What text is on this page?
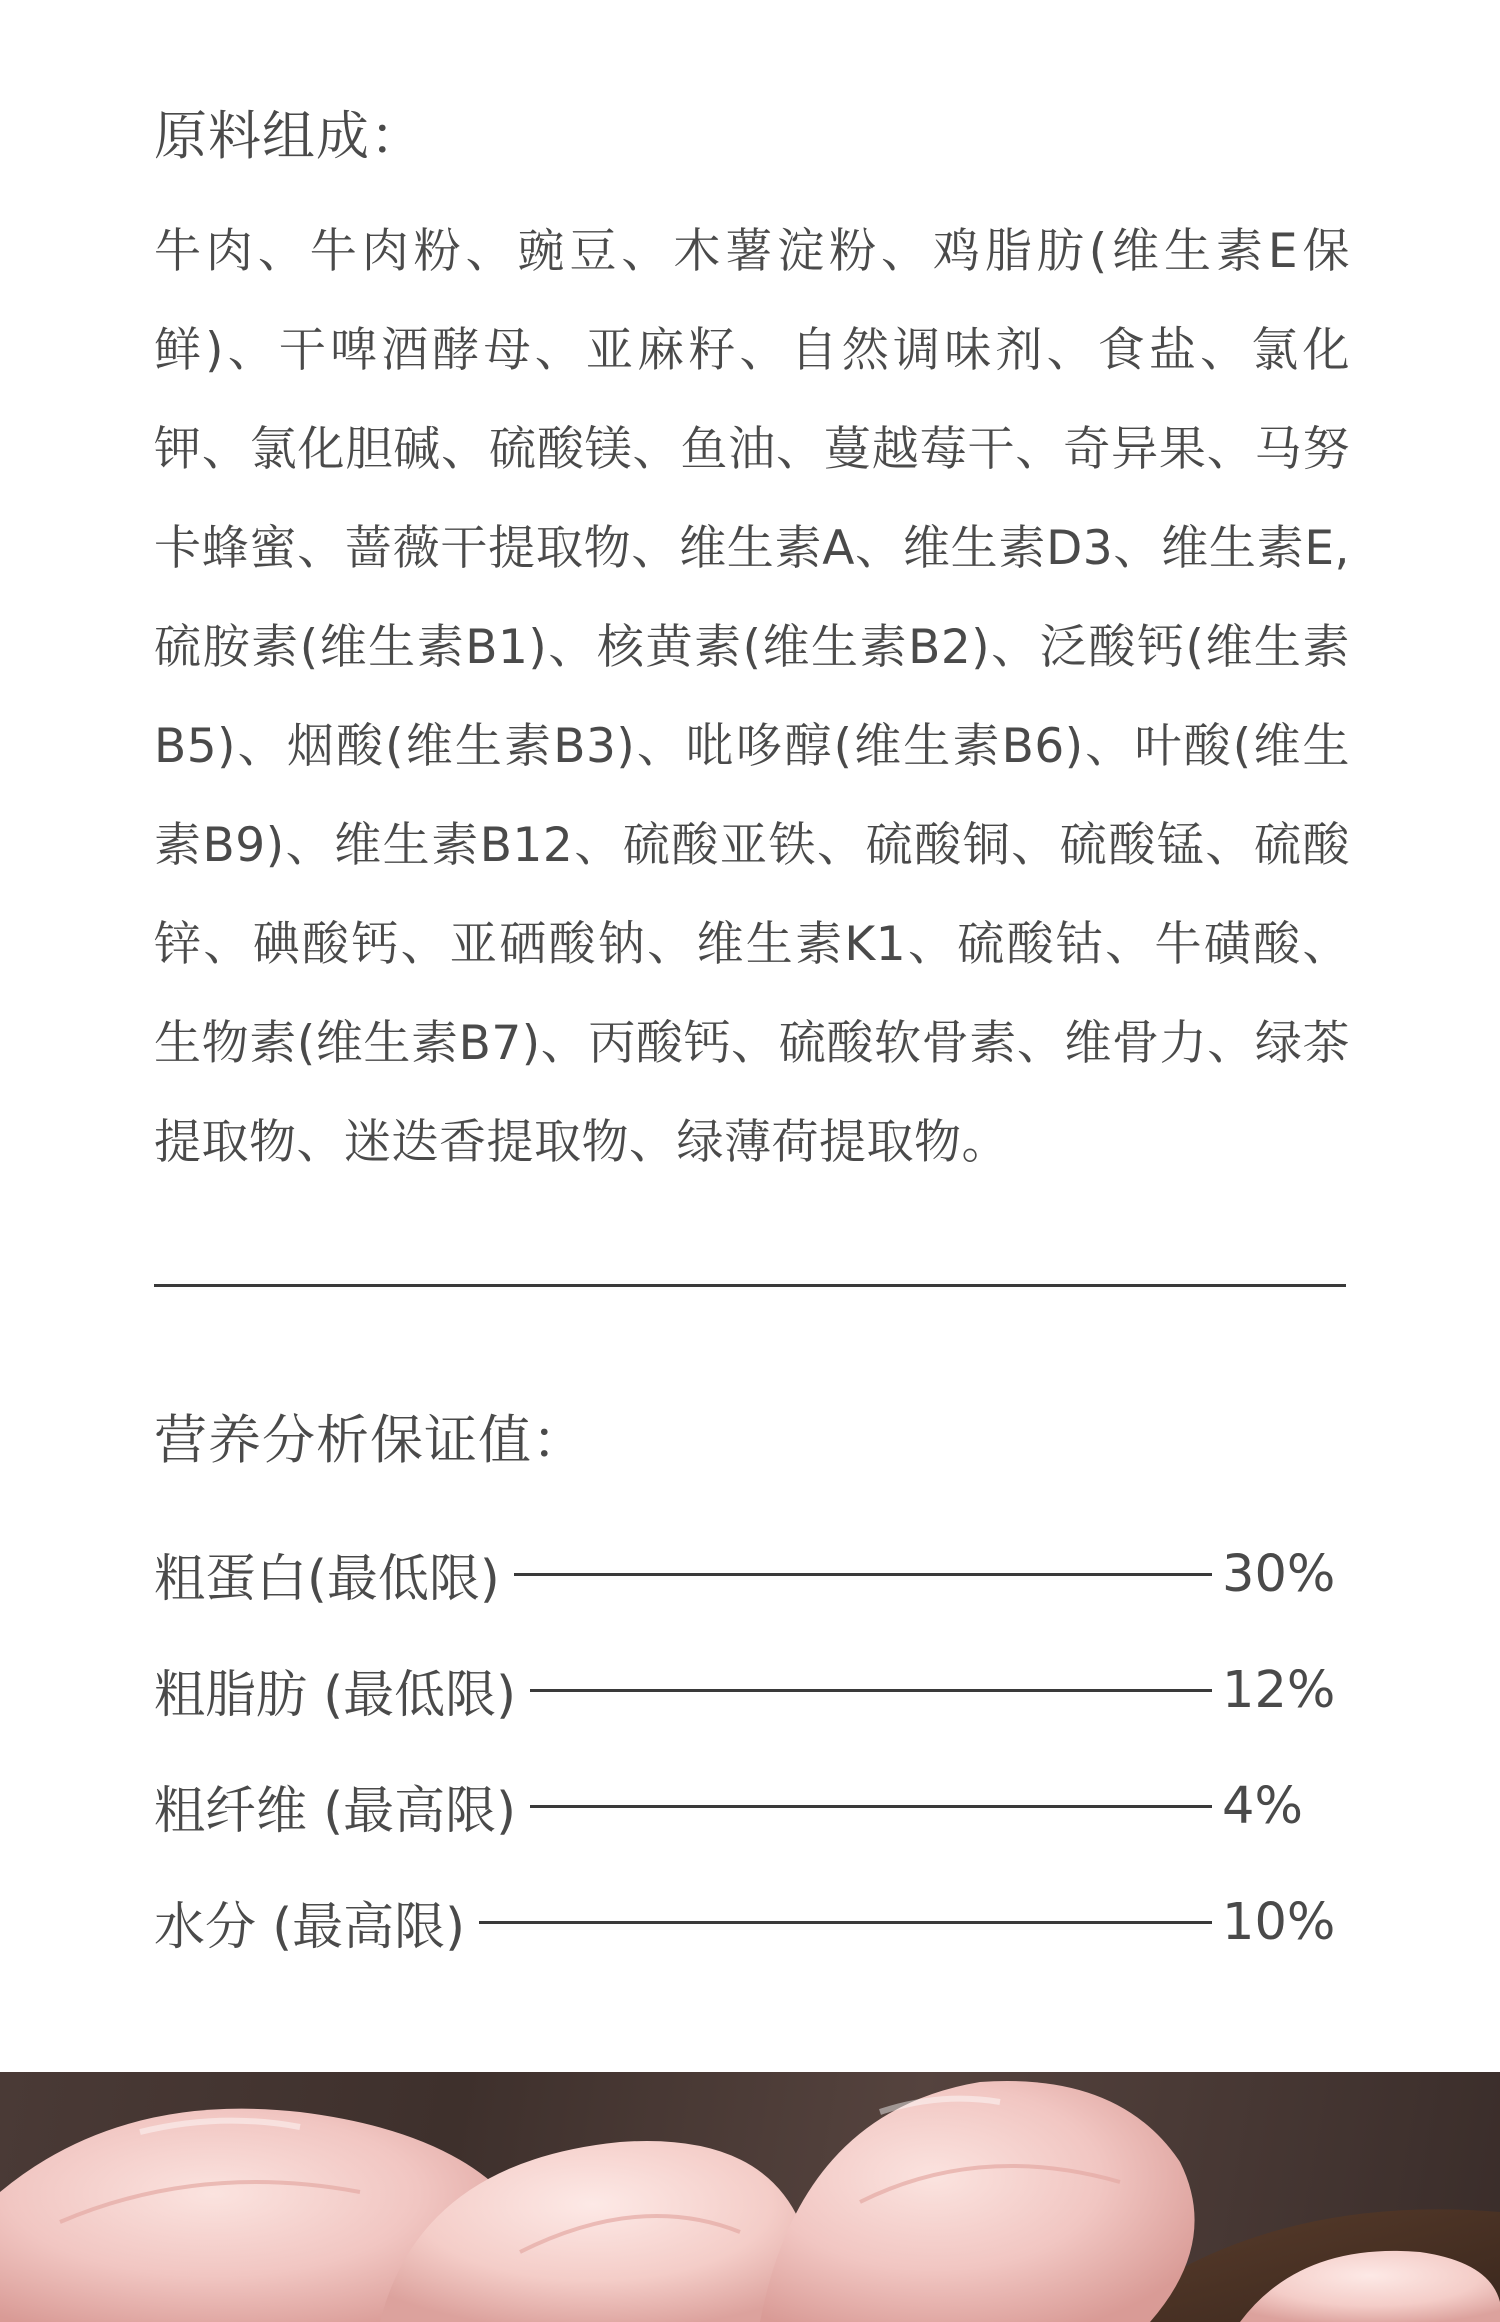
原料组成：

牛肉、牛肉粉、豌豆、木薯淀粉、鸡脂肪(维生素E保鲜)、干啤酒酵母、亚麻籽、自然调味剂、食盐、氯化钾、氯化胆碱、硫酸镁、鱼油、蔓越莓干、奇异果、马努卡蜂蜜、蔷薇干提取物、维生素A、维生素D3、维生素E,硫胺素(维生素B1)、核黄素(维生素B2)、泛酸钙(维生素B5)、烟酸(维生素B3)、吡哆醇(维生素B6)、叶酸(维生素B9)、维生素B12、硫酸亚铁、硫酸铜、硫酸锰、硫酸锌、碘酸钙、亚硒酸钠、维生素K1、硫酸钴、牛磺酸、生物素(维生素B7)、丙酸钙、硫酸软骨素、维骨力、绿茶提取物、迷迭香提取物、绿薄荷提取物。

营养分析保证值：
粗蛋白(最低限)	30%
粗脂肪 (最低限)	12%
粗纤维 (最高限)	4%
水分 (最高限)	10%
